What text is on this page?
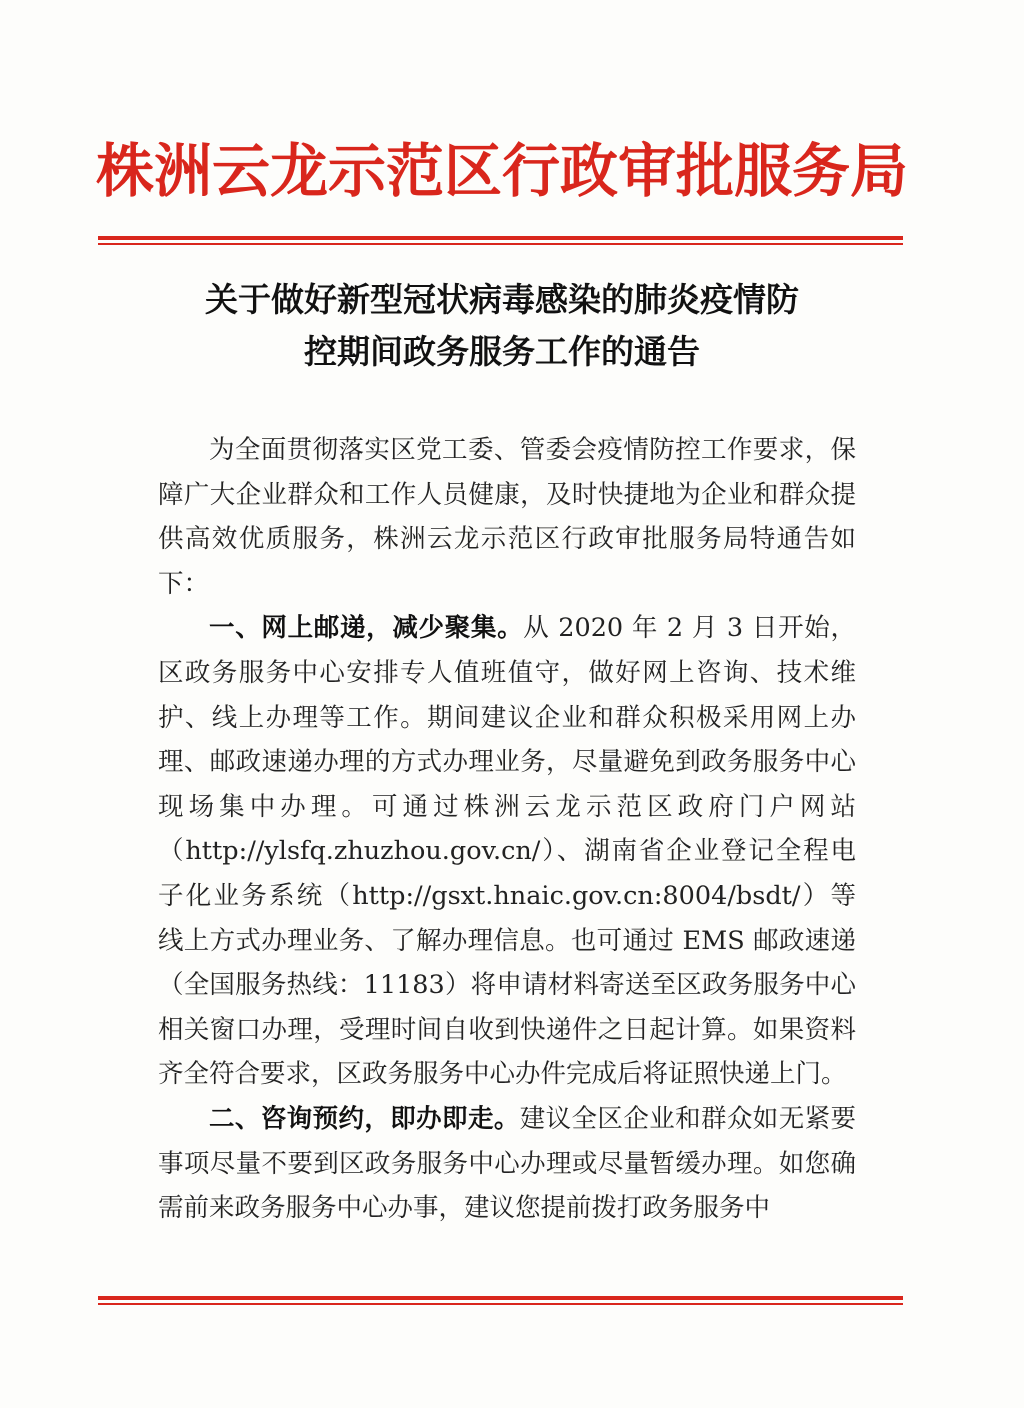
株洲云龙示范区行政审批服务局
关于做好新型冠状病毒感染的肺炎疫情防
控期间政务服务工作的通告

为全面贯彻落实区党工委、管委会疫情防控工作要求，保障广大企业群众和工作人员健康，及时快捷地为企业和群众提供高效优质服务，株洲云龙示范区行政审批服务局特通告如下：

一、网上邮递，减少聚集。从 2020 年 2 月 3 日开始，区政务服务中心安排专人值班值守，做好网上咨询、技术维护、线上办理等工作。期间建议企业和群众积极采用网上办理、邮政速递办理的方式办理业务，尽量避免到政务服务中心现场集中办理。可通过株洲云龙示范区政府门户网站（http://ylsfq.zhuzhou.gov.cn/）、湖南省企业登记全程电子化业务系统（http://gsxt.hnaic.gov.cn:8004/bsdt/）等线上方式办理业务、了解办理信息。也可通过 EMS 邮政速递（全国服务热线：11183）将申请材料寄送至区政务服务中心相关窗口办理，受理时间自收到快递件之日起计算。如果资料齐全符合要求，区政务服务中心办件完成后将证照快递上门。

二、咨询预约，即办即走。建议全区企业和群众如无紧要事项尽量不要到区政务服务中心办理或尽量暂缓办理。如您确需前来政务服务中心办事，建议您提前拨打政务服务中
